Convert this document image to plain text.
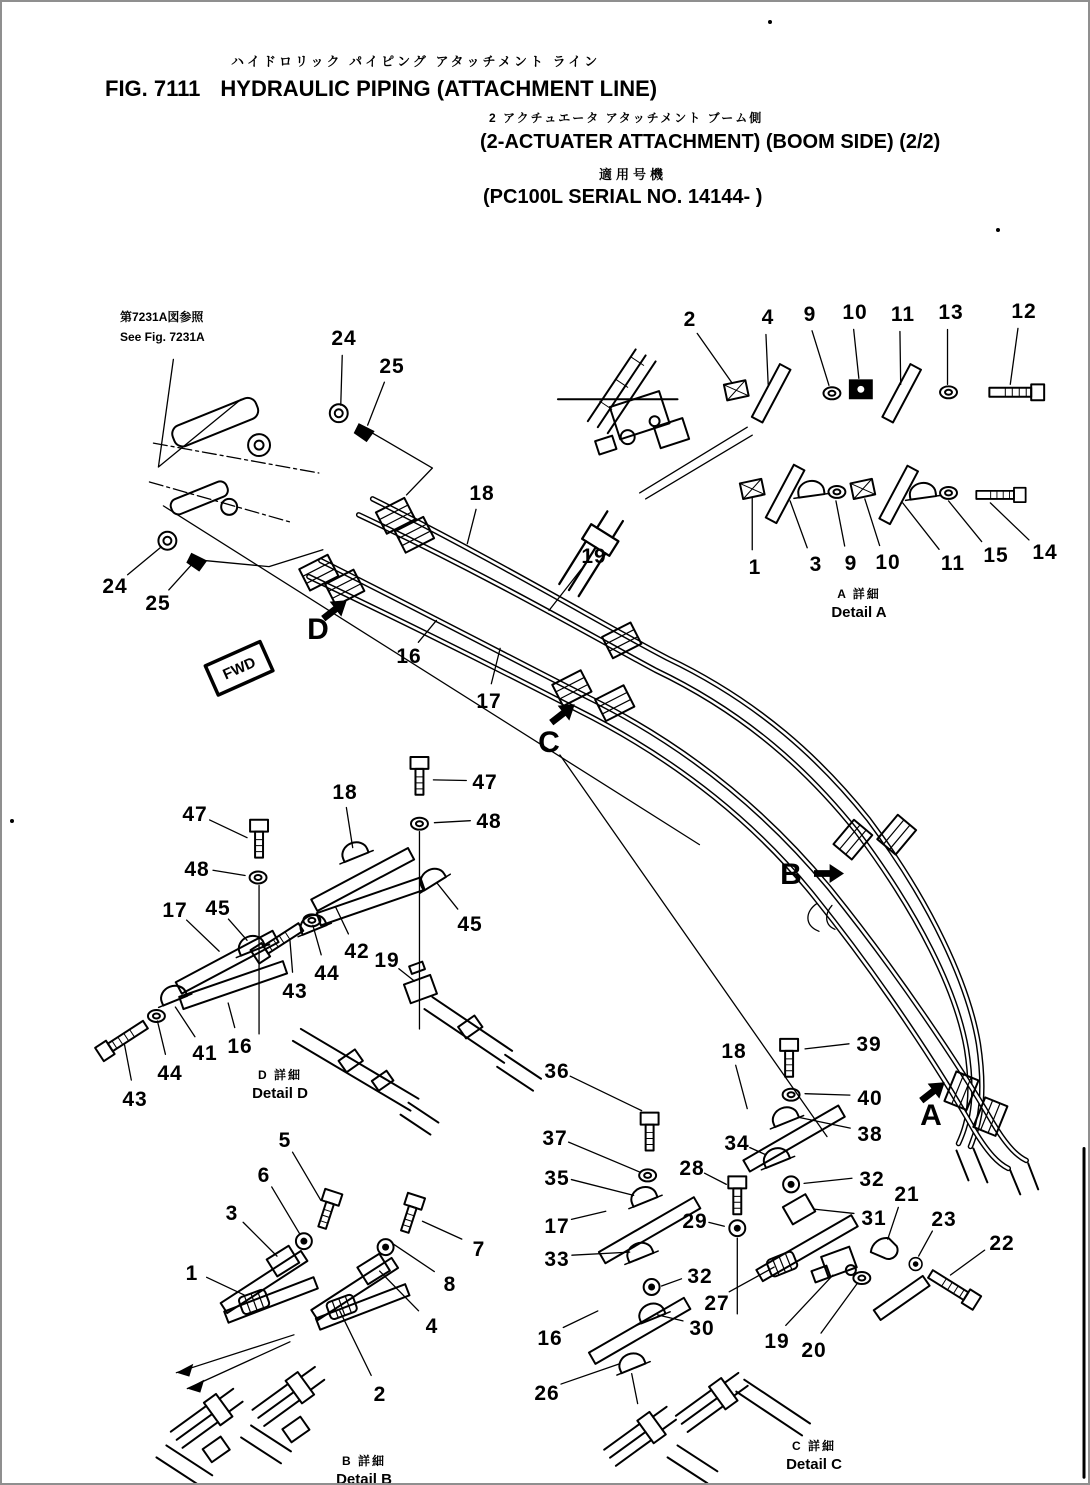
ハイドロリック パイピング アタッチメント ライン
FIG. 7111 HYDRAULIC PIPING (ATTACHMENT LINE)
2 アクチュエータ アタッチメント ブーム側
(2-ACTUATER ATTACHMENT) (BOOM SIDE) (2/2)
適用号機
(PC100L SERIAL NO. 14144- )
第7231A図参照
See Fig. 7231A
FWD
24
25
18
19
24
25
16
17
2	4 9 10 11 13 12
1 3 9 10 11 15 14
47
48
18	47
48
17 45
45
42 19
44
43
41 16
44
43
5
6
3
1
7
8
4
2
36
37
35
17
33
16
26
18	39
40
38
34
28	32
29	31
21
23
22
32
27
30
19 20
D
C
B
A
A 詳細
Detail A
D 詳細
Detail D
B 詳細
Detail B
C 詳細
Detail C
